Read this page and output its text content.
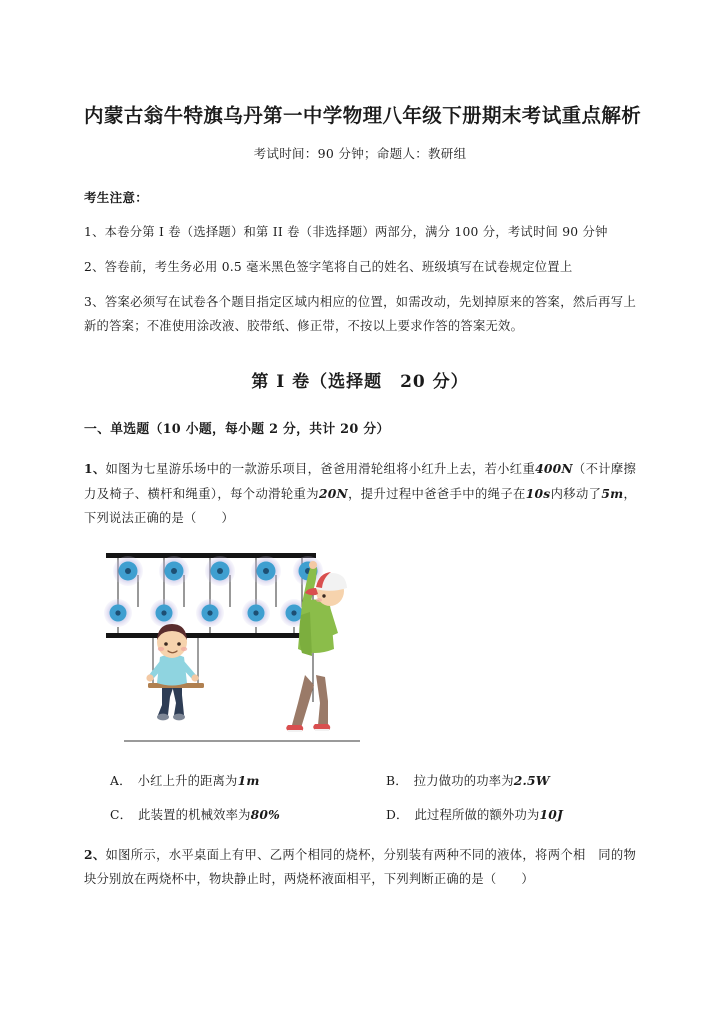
内蒙古翁牛特旗乌丹第一中学物理八年级下册期末考试重点解析

考试时间：90 分钟；命题人：教研组

考生注意：

1、本卷分第 I 卷（选择题）和第 II 卷（非选择题）两部分，满分 100 分，考试时间 90 分钟

2、答卷前，考生务必用 0.5 毫米黑色签字笔将自己的姓名、班级填写在试卷规定位置上

3、答案必须写在试卷各个题目指定区域内相应的位置，如需改动，先划掉原来的答案，然后再写上新的答案；不准使用涂改液、胶带纸、修正带，不按以上要求作答的答案无效。

第 I 卷（选择题　20 分）
一、单选题（10 小题，每小题 2 分，共计 20 分）

1、如图为七星游乐场中的一款游乐项目，爸爸用滑轮组将小红升上去，若小红重400N（不计摩擦力及椅子、横杆和绳重），每个动滑轮重为20N，提升过程中爸爸手中的绳子在10s内移动了5m，下列说法正确的是（　　）

A． 小红上升的距离为1m	B． 拉力做功的功率为2.5W
C． 此装置的机械效率为80%	D． 此过程所做的额外功为10J

2、如图所示，水平桌面上有甲、乙两个相同的烧杯，分别装有两种不同的液体，将两个相　同的物块分别放在两烧杯中，物块静止时，两烧杯液面相平，下列判断正确的是（　　）
